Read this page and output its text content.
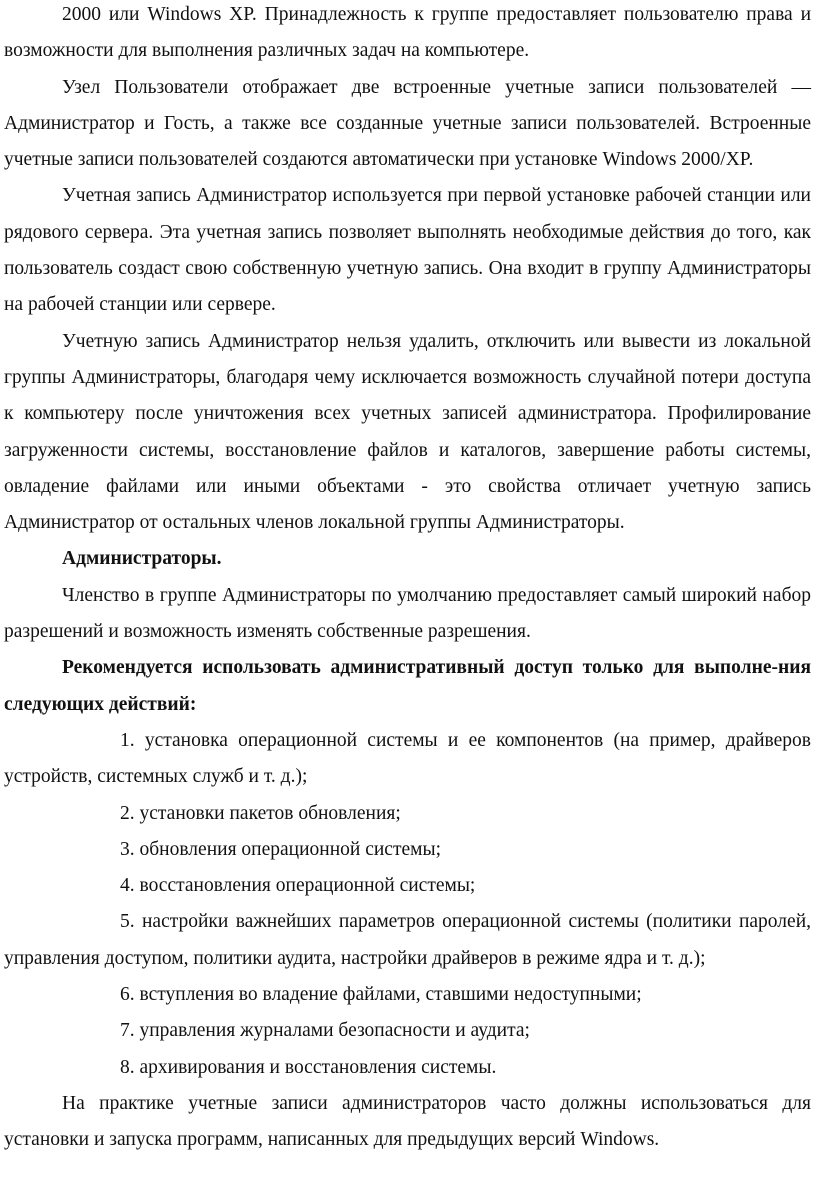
2000 или Windows XP. Принадлежность к группе предоставляет пользователю права и возможности для выполнения различных задач на компьютере.

Узел Пользователи отображает две встроенные учетные записи пользователей — Администратор и Гость, а также все созданные учетные записи пользователей. Встроенные учетные записи пользователей создаются автоматически при установке Windows 2000/XP.

Учетная запись Администратор используется при первой установке рабочей станции или рядового сервера. Эта учетная запись позволяет выполнять необходимые действия до того, как пользователь создаст свою собственную учетную запись. Она входит в группу Администраторы на рабочей станции или сервере.

Учетную запись Администратор нельзя удалить, отключить или вывести из локальной группы Администраторы, благодаря чему исключается возможность случайной потери доступа к компьютеру после уничтожения всех учетных записей администратора. Профилирование загруженности системы, восстановление файлов и каталогов, завершение работы системы, овладение файлами или иными объектами - это свойства отличает учетную запись Администратор от остальных членов локальной группы Администраторы.

Администраторы.

Членство в группе Администраторы по умолчанию предоставляет самый широкий набор разрешений и возможность изменять собственные разрешения.

Рекомендуется использовать административный доступ только для выполне-ния следующих действий:

1. установка операционной системы и ее компонентов (на пример, драйверов устройств, системных служб и т. д.);

2. установки пакетов обновления;

3. обновления операционной системы;

4. восстановления операционной системы;

5. настройки важнейших параметров операционной системы (политики паролей, управления доступом, политики аудита, настройки драйверов в режиме ядра и т. д.);

6. вступления во владение файлами, ставшими недоступными;

7. управления журналами безопасности и аудита;

8. архивирования и восстановления системы.

На практике учетные записи администраторов часто должны использоваться для установки и запуска программ, написанных для предыдущих версий Windows.
